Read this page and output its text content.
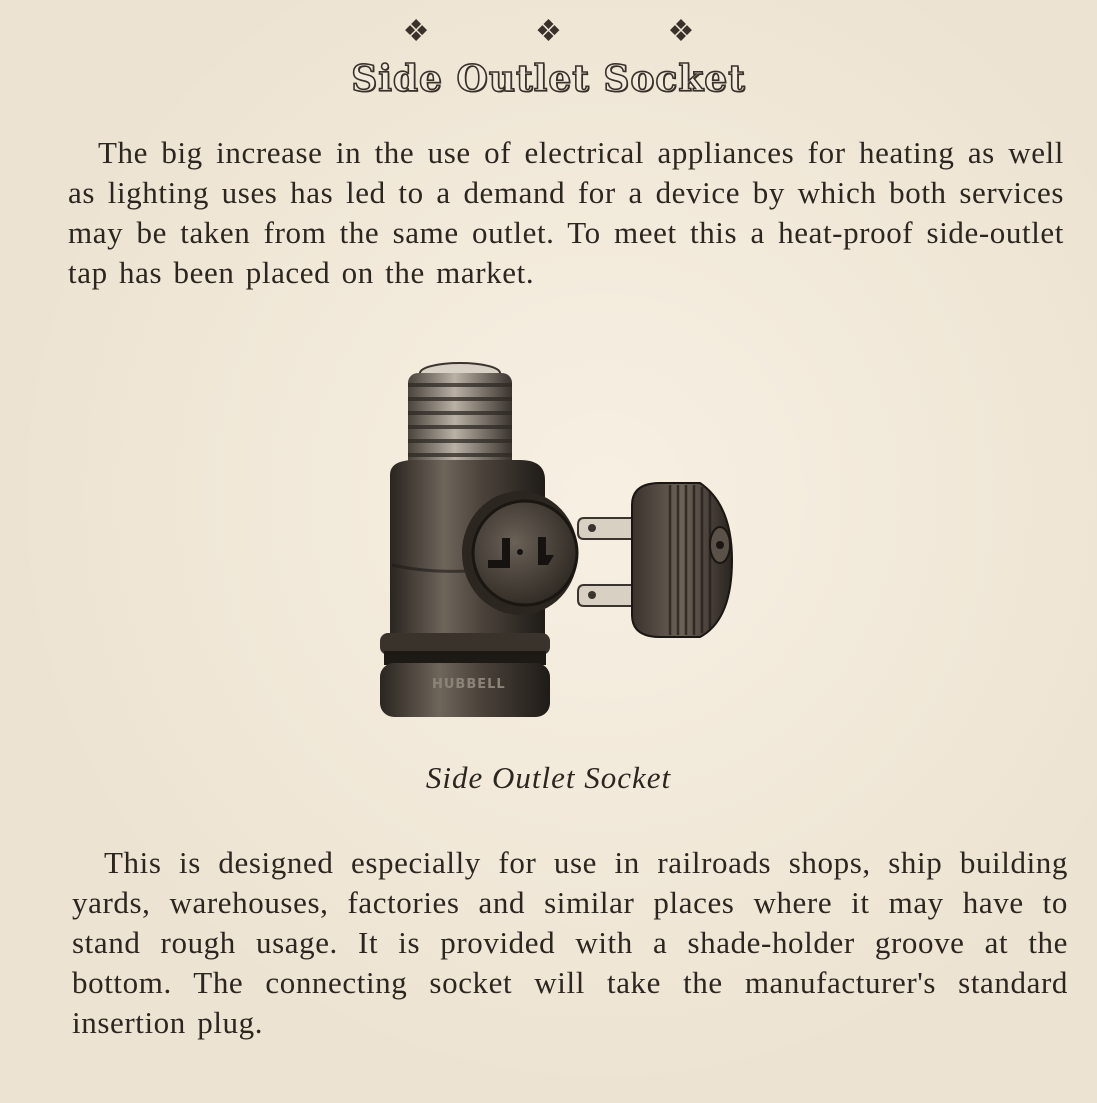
❖ ❖ ❖
Side Outlet Socket

The big increase in the use of electrical appliances for heating as well as lighting uses has led to a demand for a device by which both services may be taken from the same outlet. To meet this a heat-proof side-outlet tap has been placed on the market.

HUBBELL
Side Outlet Socket

This is designed especially for use in railroads shops, ship building yards, warehouses, factories and similar places where it may have to stand rough usage. It is provided with a shade-holder groove at the bottom. The connecting socket will take the manufacturer's standard insertion plug.
